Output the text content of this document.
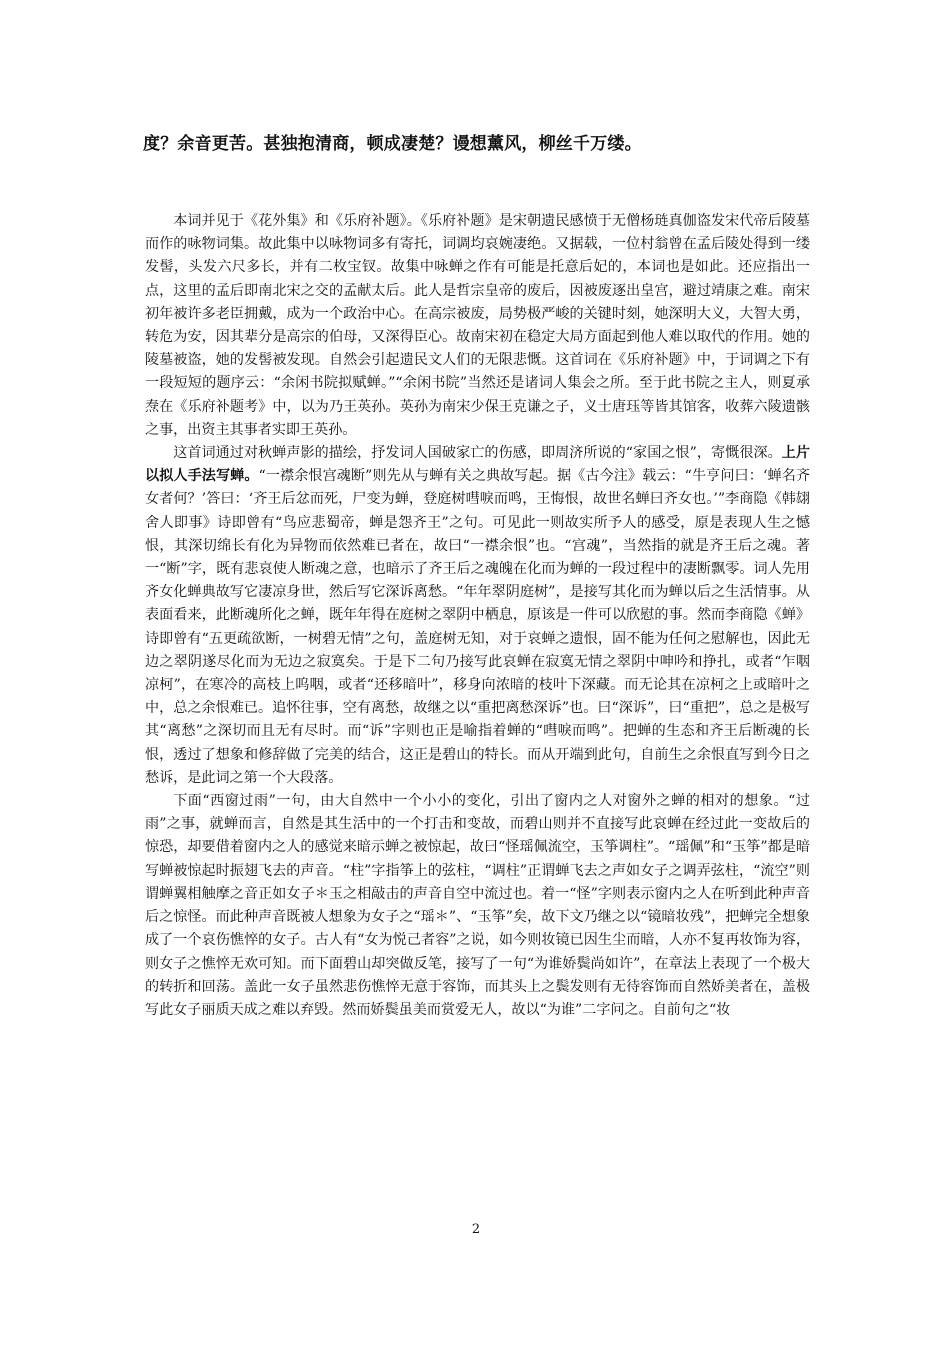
度？余音更苦。甚独抱清商，顿成凄楚？谩想薰风，柳丝千万缕。

本词并见于《花外集》和《乐府补题》。《乐府补题》是宋朝遗民感愤于无僧杨琏真伽盗发宋代帝后陵墓而作的咏物词集。故此集中以咏物词多有寄托，词调均哀婉凄绝。又据载，一位村翁曾在孟后陵处得到一缕发髻，头发六尺多长，并有二枚宝钗。故集中咏蝉之作有可能是托意后妃的，本词也是如此。还应指出一点，这里的孟后即南北宋之交的孟献太后。此人是哲宗皇帝的废后，因被废逐出皇宫，避过靖康之难。南宋初年被许多老臣拥戴，成为一个政治中心。在高宗被废，局势极严峻的关键时刻，她深明大义，大智大勇，转危为安，因其辈分是高宗的伯母，又深得臣心。故南宋初在稳定大局方面起到他人难以取代的作用。她的陵墓被盗，她的发髻被发现。自然会引起遗民文人们的无限悲慨。这首词在《乐府补题》中，于词调之下有一段短短的题序云：“余闲书院拟赋蝉。”“余闲书院”当然还是诸词人集会之所。至于此书院之主人，则夏承焘在《乐府补题考》中，以为乃王英孙。英孙为南宋少保王克谦之子，义士唐珏等皆其馆客，收葬六陵遗骸之事，出资主其事者实即王英孙。

这首词通过对秋蝉声影的描绘，抒发词人国破家亡的伤感，即周济所说的“家国之恨”，寄慨很深。上片以拟人手法写蝉。“一襟余恨宫魂断”则先从与蝉有关之典故写起。据《古今注》载云：“牛亨问曰：‘蝉名齐女者何？’答曰：‘齐王后忿而死，尸变为蝉，登庭树嘒唳而鸣，王悔恨，故世名蝉曰齐女也。’”李商隐《韩翃舍人即事》诗即曾有“鸟应悲蜀帝，蝉是怨齐王”之句。可见此一则故实所予人的感受，原是表现人生之憾恨，其深切绵长有化为异物而依然难已者在，故曰“一襟余恨”也。“宫魂”，当然指的就是齐王后之魂。著一“断”字，既有悲哀使人断魂之意，也暗示了齐王后之魂魄在化而为蝉的一段过程中的凄断飘零。词人先用齐女化蝉典故写它凄凉身世，然后写它深诉离愁。“年年翠阴庭树”，是接写其化而为蝉以后之生活情事。从表面看来，此断魂所化之蝉，既年年得在庭树之翠阴中栖息，原该是一件可以欣慰的事。然而李商隐《蝉》诗即曾有“五更疏欲断，一树碧无情”之句，盖庭树无知，对于哀蝉之遗恨，固不能为任何之慰解也，因此无边之翠阴遂尽化而为无边之寂寞矣。于是下二句乃接写此哀蝉在寂寞无情之翠阴中呻吟和挣扎，或者“乍咽凉柯”，在寒冷的高枝上呜咽，或者“还移暗叶”，移身向浓暗的枝叶下深藏。而无论其在凉柯之上或暗叶之中，总之余恨难已。追怀往事，空有离愁，故继之以“重把离愁深诉”也。曰“深诉”，曰“重把”，总之是极写其“离愁”之深切而且无有尽时。而“诉”字则也正是喻指着蝉的“嘒唳而鸣”。把蝉的生态和齐王后断魂的长恨，透过了想象和修辞做了完美的结合，这正是碧山的特长。而从开端到此句，自前生之余恨直写到今日之愁诉，是此词之第一个大段落。

下面“西窗过雨”一句，由大自然中一个小小的变化，引出了窗内之人对窗外之蝉的相对的想象。“过雨”之事，就蝉而言，自然是其生活中的一个打击和变故，而碧山则并不直接写此哀蝉在经过此一变故后的惊恐，却要借着窗内之人的感觉来暗示蝉之被惊起，故曰“怪瑶佩流空，玉筝调柱”。“瑶佩”和“玉筝”都是暗写蝉被惊起时振翅飞去的声音。“柱”字指筝上的弦柱，“调柱”正谓蝉飞去之声如女子之调弄弦柱，“流空”则谓蝉翼相触摩之音正如女子＊玉之相敲击的声音自空中流过也。着一“怪”字则表示窗内之人在听到此种声音后之惊怪。而此种声音既被人想象为女子之“瑶＊”、“玉筝”矣，故下文乃继之以“镜暗妆残”，把蝉完全想象成了一个哀伤憔悴的女子。古人有“女为悦己者容”之说，如今则妆镜已因生尘而暗，人亦不复再妆饰为容，则女子之憔悴无欢可知。而下面碧山却突做反笔，接写了一句“为谁娇鬓尚如许”，在章法上表现了一个极大的转折和回荡。盖此一女子虽然悲伤憔悴无意于容饰，而其头上之鬓发则有无待容饰而自然娇美者在，盖极写此女子丽质天成之难以弃毁。然而娇鬓虽美而赏爱无人，故以“为谁”二字问之。自前句之“妆

2
